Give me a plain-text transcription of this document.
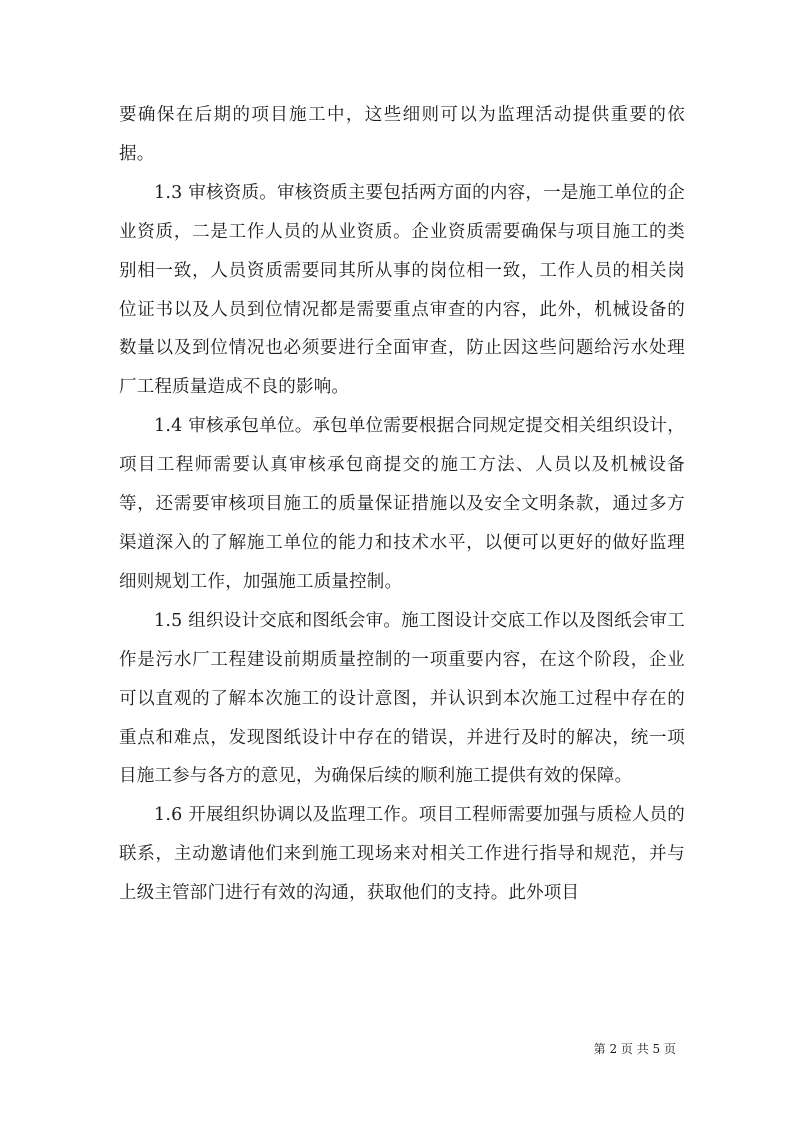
要确保在后期的项目施工中，这些细则可以为监理活动提供重要的依据。

1.3 审核资质。审核资质主要包括两方面的内容，一是施工单位的企业资质，二是工作人员的从业资质。企业资质需要确保与项目施工的类别相一致，人员资质需要同其所从事的岗位相一致，工作人员的相关岗位证书以及人员到位情况都是需要重点审查的内容，此外，机械设备的数量以及到位情况也必须要进行全面审查，防止因这些问题给污水处理厂工程质量造成不良的影响。

1.4 审核承包单位。承包单位需要根据合同规定提交相关组织设计，项目工程师需要认真审核承包商提交的施工方法、人员以及机械设备等，还需要审核项目施工的质量保证措施以及安全文明条款，通过多方渠道深入的了解施工单位的能力和技术水平，以便可以更好的做好监理细则规划工作，加强施工质量控制。

1.5 组织设计交底和图纸会审。施工图设计交底工作以及图纸会审工作是污水厂工程建设前期质量控制的一项重要内容，在这个阶段，企业可以直观的了解本次施工的设计意图，并认识到本次施工过程中存在的重点和难点，发现图纸设计中存在的错误，并进行及时的解决，统一项目施工参与各方的意见，为确保后续的顺利施工提供有效的保障。

1.6 开展组织协调以及监理工作。项目工程师需要加强与质检人员的联系，主动邀请他们来到施工现场来对相关工作进行指导和规范，并与上级主管部门进行有效的沟通，获取他们的支持。此外项目

第 2 页 共 5 页
